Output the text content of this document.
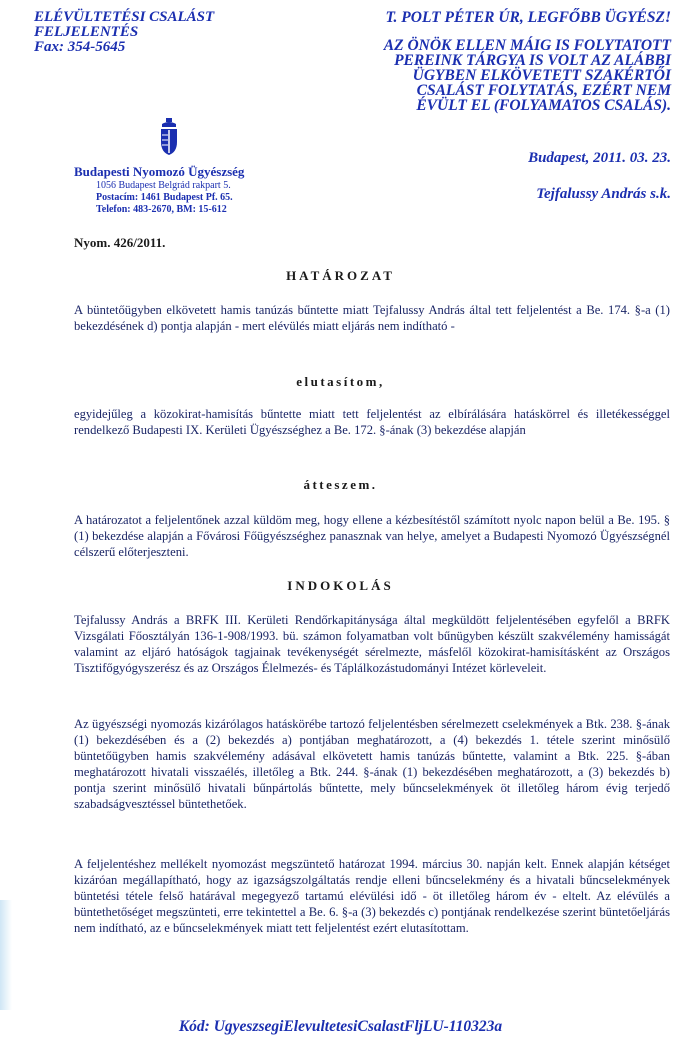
ELÉVÜLTETÉSI CSALÁST
FELJELENTÉS
Fax: 354-5645
T. POLT PÉTER ÚR, LEGFŐBB ÜGYÉSZ!
AZ ÖNÖK ELLEN MÁIG IS FOLYTATOTT
PEREINK TÁRGYA IS VOLT AZ ALÁBBI
ÜGYBEN ELKÖVETETT SZAKÉRTŐI
CSALÁST FOLYTATÁS, EZÉRT NEM
ÉVÜLT EL (FOLYAMATOS CSALÁS).
Budapest, 2011. 03. 23.
Tejfalussy András s.k.
Budapesti Nyomozó Ügyészség
1056 Budapest Belgrád rakpart 5.
Postacím: 1461 Budapest Pf. 65.
Telefon: 483-2670, BM: 15-612
Nyom. 426/2011.
HATÁROZAT
A büntetőügyben elkövetett hamis tanúzás bűntette miatt Tejfalussy András által tett feljelentést a Be. 174. §-a (1) bekezdésének d) pontja alapján - mert elévülés miatt eljárás nem indítható -
elutasítom,
egyidejűleg a közokirat-hamisítás bűntette miatt tett feljelentést az elbírálására hatáskörrel és illetékességgel rendelkező Budapesti IX. Kerületi Ügyészséghez a Be. 172. §-ának (3) bekezdése alapján
átteszem.
A határozatot a feljelentőnek azzal küldöm meg, hogy ellene a kézbesítéstől számított nyolc napon belül a Be. 195. § (1) bekezdése alapján a Fővárosi Főügyészséghez panasznak van helye, amelyet a Budapesti Nyomozó Ügyészségnél célszerű előterjeszteni.
INDOKOLÁS
Tejfalussy András a BRFK III. Kerületi Rendőrkapitánysága által megküldött feljelentésében egyfelől a BRFK Vizsgálati Főosztályán 136-1-908/1993. bü. számon folyamatban volt bűnügyben készült szakvélemény hamisságát valamint az eljáró hatóságok tagjainak tevékenységét sérelmezte, másfelől közokirat-hamisításként az Országos Tisztifőgyógyszerész és az Országos Élelmezés- és Táplálkozástudományi Intézet körleveleit.
Az ügyészségi nyomozás kizárólagos hatáskörébe tartozó feljelentésben sérelmezett cselekmények a Btk. 238. §-ának (1) bekezdésében és a (2) bekezdés a) pontjában meghatározott, a (4) bekezdés 1. tétele szerint minősülő büntetőügyben hamis szakvélemény adásával elkövetett hamis tanúzás bűntette, valamint a Btk. 225. §-ában meghatározott hivatali visszaélés, illetőleg a Btk. 244. §-ának (1) bekezdésében meghatározott, a (3) bekezdés b) pontja szerint minősülő hivatali bűnpártolás bűntette, mely bűncselekmények öt illetőleg három évig terjedő szabadságvesztéssel büntethetőek.
A feljelentéshez mellékelt nyomozást megszüntető határozat 1994. március 30. napján kelt. Ennek alapján kétséget kizáróan megállapítható, hogy az igazságszolgáltatás rendje elleni bűncselekmény és a hivatali bűncselekmények büntetési tétele felső határával megegyező tartamú elévülési idő - öt illetőleg három év - eltelt. Az elévülés a büntethetőséget megszünteti, erre tekintettel a Be. 6. §-a (3) bekezdés c) pontjának rendelkezése szerint büntetőeljárás nem indítható, az e bűncselekmények miatt tett feljelentést ezért elutasítottam.
Kód: UgyeszsegiElevultetesiCsalastFljLU-110323a
